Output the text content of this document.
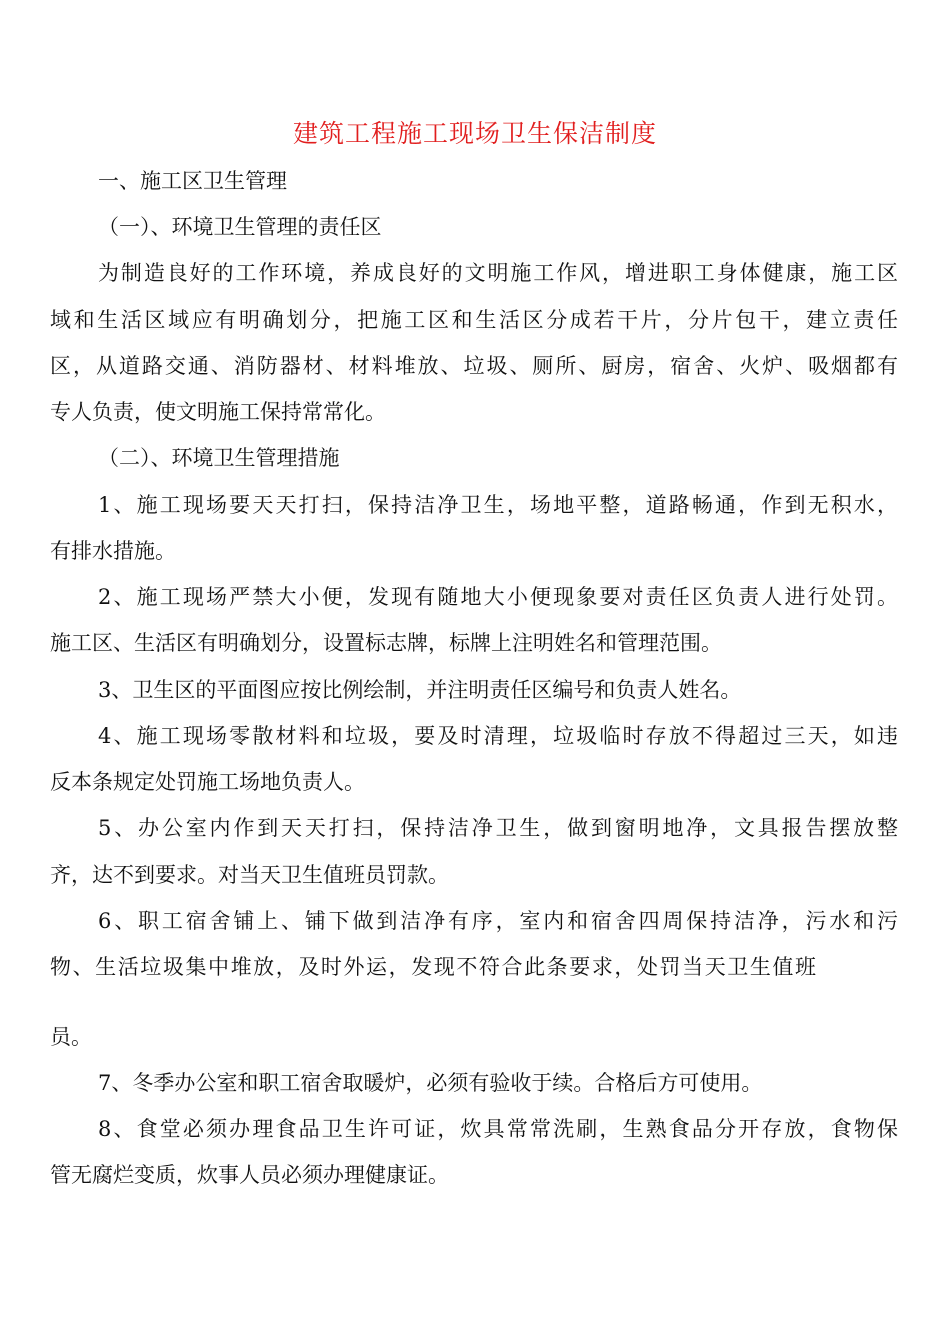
建筑工程施工现场卫生保洁制度
一、施工区卫生管理
（一）、环境卫生管理的责任区
为制造良好的工作环境，养成良好的文明施工作风，增进职工身体健康，施工区
域和生活区域应有明确划分，把施工区和生活区分成若干片，分片包干，建立责任
区，从道路交通、消防器材、材料堆放、垃圾、厕所、厨房，宿舍、火炉、吸烟都有
专人负责，使文明施工保持常常化。
（二）、环境卫生管理措施
1、施工现场要天天打扫，保持洁净卫生，场地平整，道路畅通，作到无积水，
有排水措施。
2、施工现场严禁大小便，发现有随地大小便现象要对责任区负责人进行处罚。
施工区、生活区有明确划分，设置标志牌，标牌上注明姓名和管理范围。
3、卫生区的平面图应按比例绘制，并注明责任区编号和负责人姓名。
4、施工现场零散材料和垃圾，要及时清理，垃圾临时存放不得超过三天，如违
反本条规定处罚施工场地负责人。
5、办公室内作到天天打扫，保持洁净卫生，做到窗明地净，文具报告摆放整
齐，达不到要求。对当天卫生值班员罚款。
6、职工宿舍铺上、铺下做到洁净有序，室内和宿舍四周保持洁净，污水和污
物、生活垃圾集中堆放，及时外运，发现不符合此条要求，处罚当天卫生值班
员。
7、冬季办公室和职工宿舍取暖炉，必须有验收于续。合格后方可使用。
8、食堂必须办理食品卫生许可证，炊具常常洗刷，生熟食品分开存放，食物保
管无腐烂变质，炊事人员必须办理健康证。
